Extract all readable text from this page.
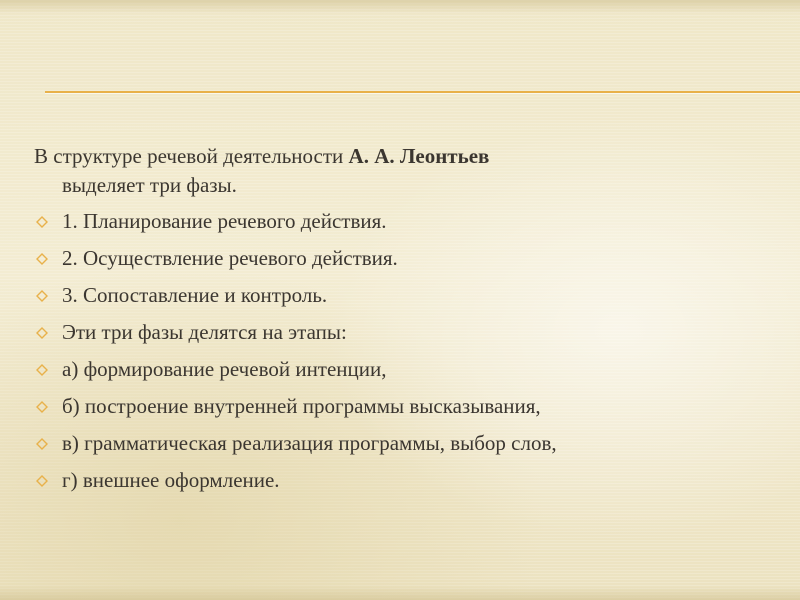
В структуре речевой деятельности А. А. Леонтьев
выделяет три фазы.

1. Планирование речевого действия.
2. Осуществление речевого действия.
3. Сопоставление и контроль.
Эти три фазы делятся на этапы:
а) формирование речевой интенции,
б) построение внутренней программы высказывания,
в) грамматическая реализация программы, выбор слов,
г) внешнее оформление.
